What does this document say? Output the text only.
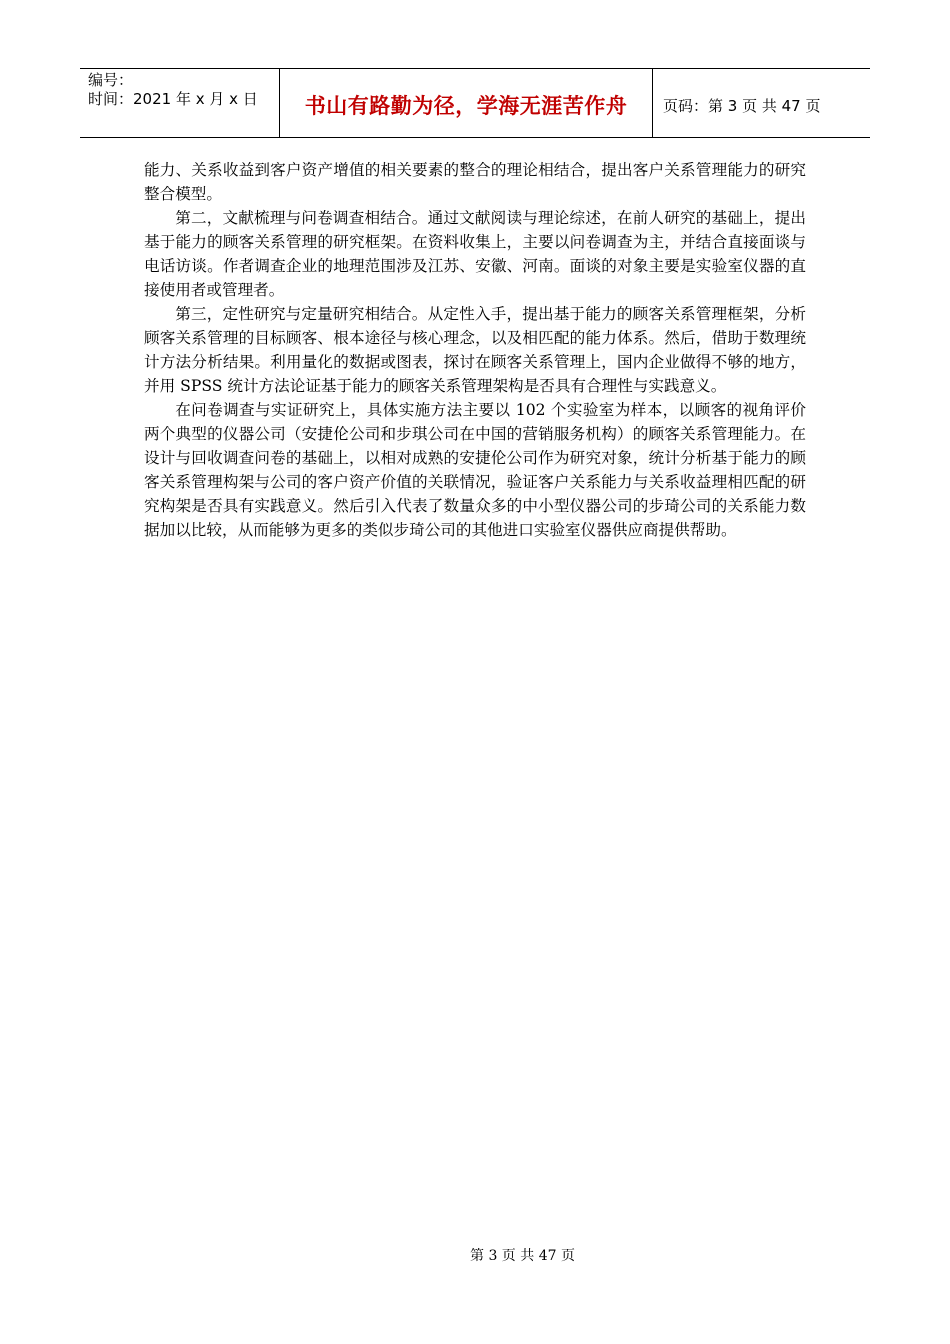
编号：
时间：2021 年 x 月 x 日	书山有路勤为径，学海无涯苦作舟	页码：第 3 页 共 47 页

能力、关系收益到客户资产增值的相关要素的整合的理论相结合，提出客户关系管理能力的研究整合模型。

第二，文献梳理与问卷调查相结合。通过文献阅读与理论综述，在前人研究的基础上，提出基于能力的顾客关系管理的研究框架。在资料收集上，主要以问卷调查为主，并结合直接面谈与电话访谈。作者调查企业的地理范围涉及江苏、安徽、河南。面谈的对象主要是实验室仪器的直接使用者或管理者。

第三，定性研究与定量研究相结合。从定性入手，提出基于能力的顾客关系管理框架，分析顾客关系管理的目标顾客、根本途径与核心理念，以及相匹配的能力体系。然后，借助于数理统计方法分析结果。利用量化的数据或图表，探讨在顾客关系管理上，国内企业做得不够的地方，并用 SPSS 统计方法论证基于能力的顾客关系管理架构是否具有合理性与实践意义。

在问卷调查与实证研究上，具体实施方法主要以 102 个实验室为样本，以顾客的视角评价两个典型的仪器公司（安捷伦公司和步琪公司在中国的营销服务机构）的顾客关系管理能力。在设计与回收调查问卷的基础上，以相对成熟的安捷伦公司作为研究对象，统计分析基于能力的顾客关系管理构架与公司的客户资产价值的关联情况，验证客户关系能力与关系收益理相匹配的研究构架是否具有实践意义。然后引入代表了数量众多的中小型仪器公司的步琦公司的关系能力数据加以比较，从而能够为更多的类似步琦公司的其他进口实验室仪器供应商提供帮助。

第 3 页 共 47 页
